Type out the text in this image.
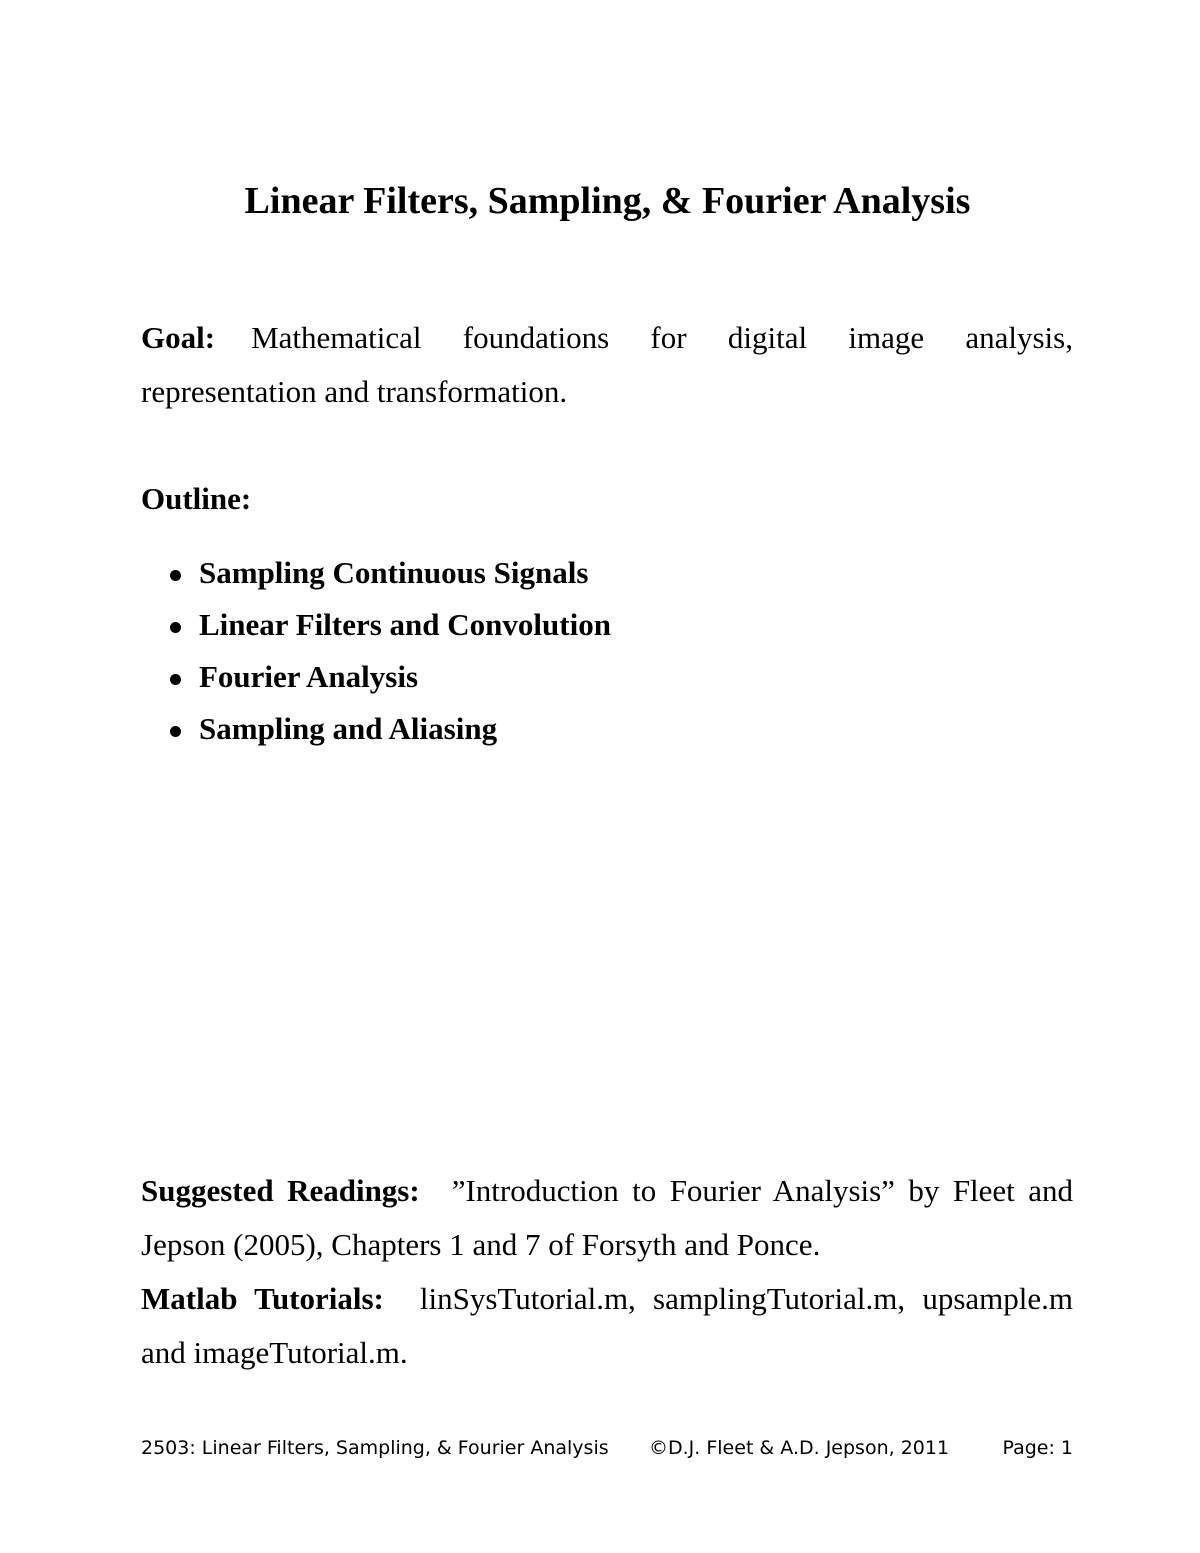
Linear Filters, Sampling, & Fourier Analysis

Goal: Mathematical foundations for digital image analysis, representation and transformation.

Outline:

Sampling Continuous Signals
Linear Filters and Convolution
Fourier Analysis
Sampling and Aliasing

Suggested Readings: ”Introduction to Fourier Analysis” by Fleet and Jepson (2005), Chapters 1 and 7 of Forsyth and Ponce.

Matlab Tutorials: linSysTutorial.m, samplingTutorial.m, upsample.m and imageTutorial.m.

2503: Linear Filters, Sampling, & Fourier Analysis ©D.J. Fleet & A.D. Jepson, 2011	Page: 1
